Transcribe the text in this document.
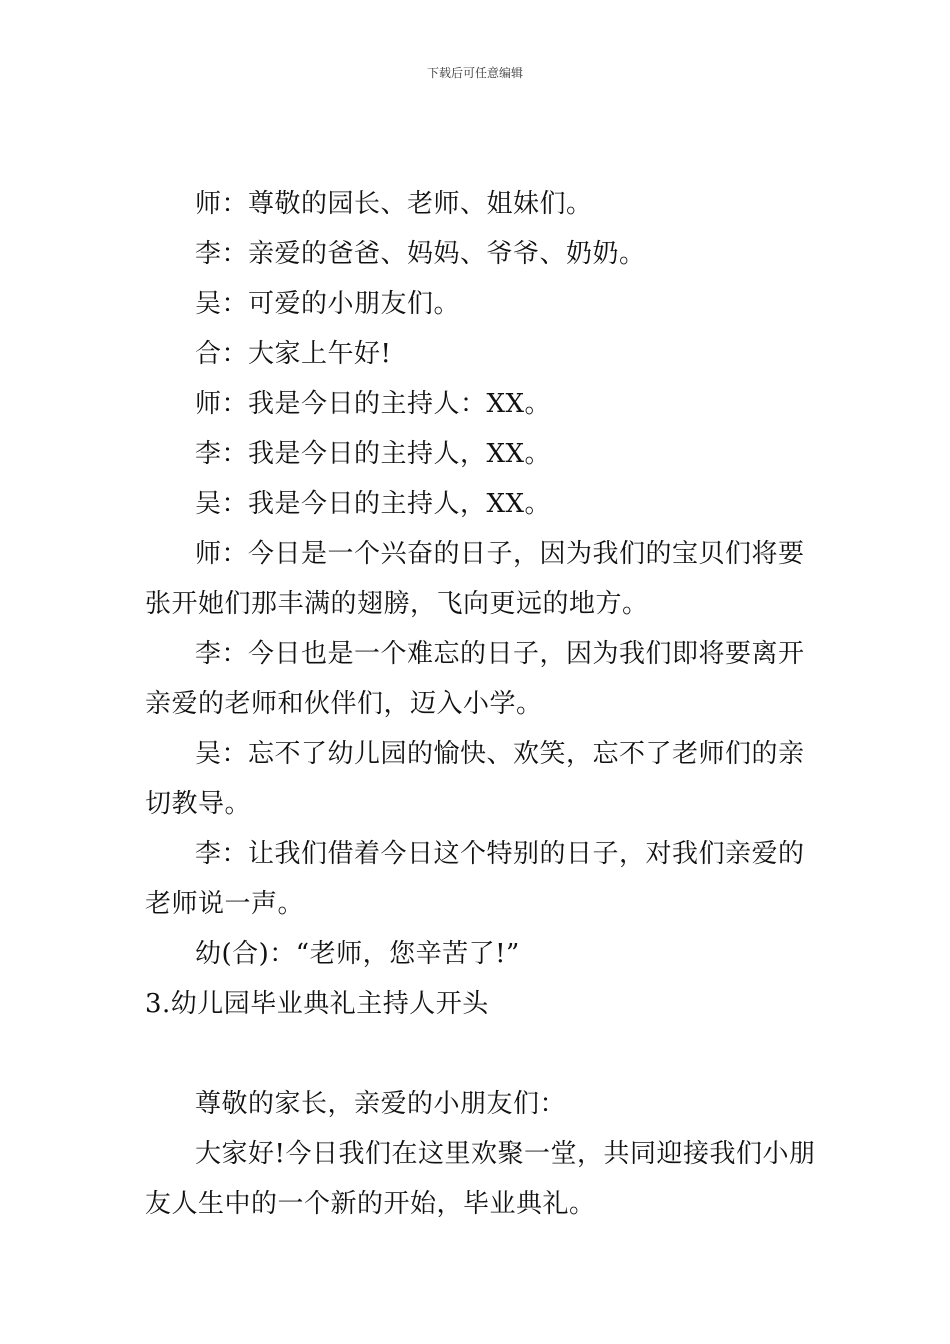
下载后可任意编辑
师：尊敬的园长、老师、姐妹们。
李：亲爱的爸爸、妈妈、爷爷、奶奶。
吴：可爱的小朋友们。
合：大家上午好!
师：我是今日的主持人：XX。
李：我是今日的主持人，XX。
吴：我是今日的主持人，XX。
师：今日是一个兴奋的日子，因为我们的宝贝们将要
张开她们那丰满的翅膀，飞向更远的地方。
李：今日也是一个难忘的日子，因为我们即将要离开
亲爱的老师和伙伴们，迈入小学。
吴：忘不了幼儿园的愉快、欢笑，忘不了老师们的亲
切教导。
李：让我们借着今日这个特别的日子，对我们亲爱的
老师说一声。
幼(合)：“老师，您辛苦了!”
3.幼儿园毕业典礼主持人开头
尊敬的家长，亲爱的小朋友们：
大家好!今日我们在这里欢聚一堂，共同迎接我们小朋
友人生中的一个新的开始，毕业典礼。
